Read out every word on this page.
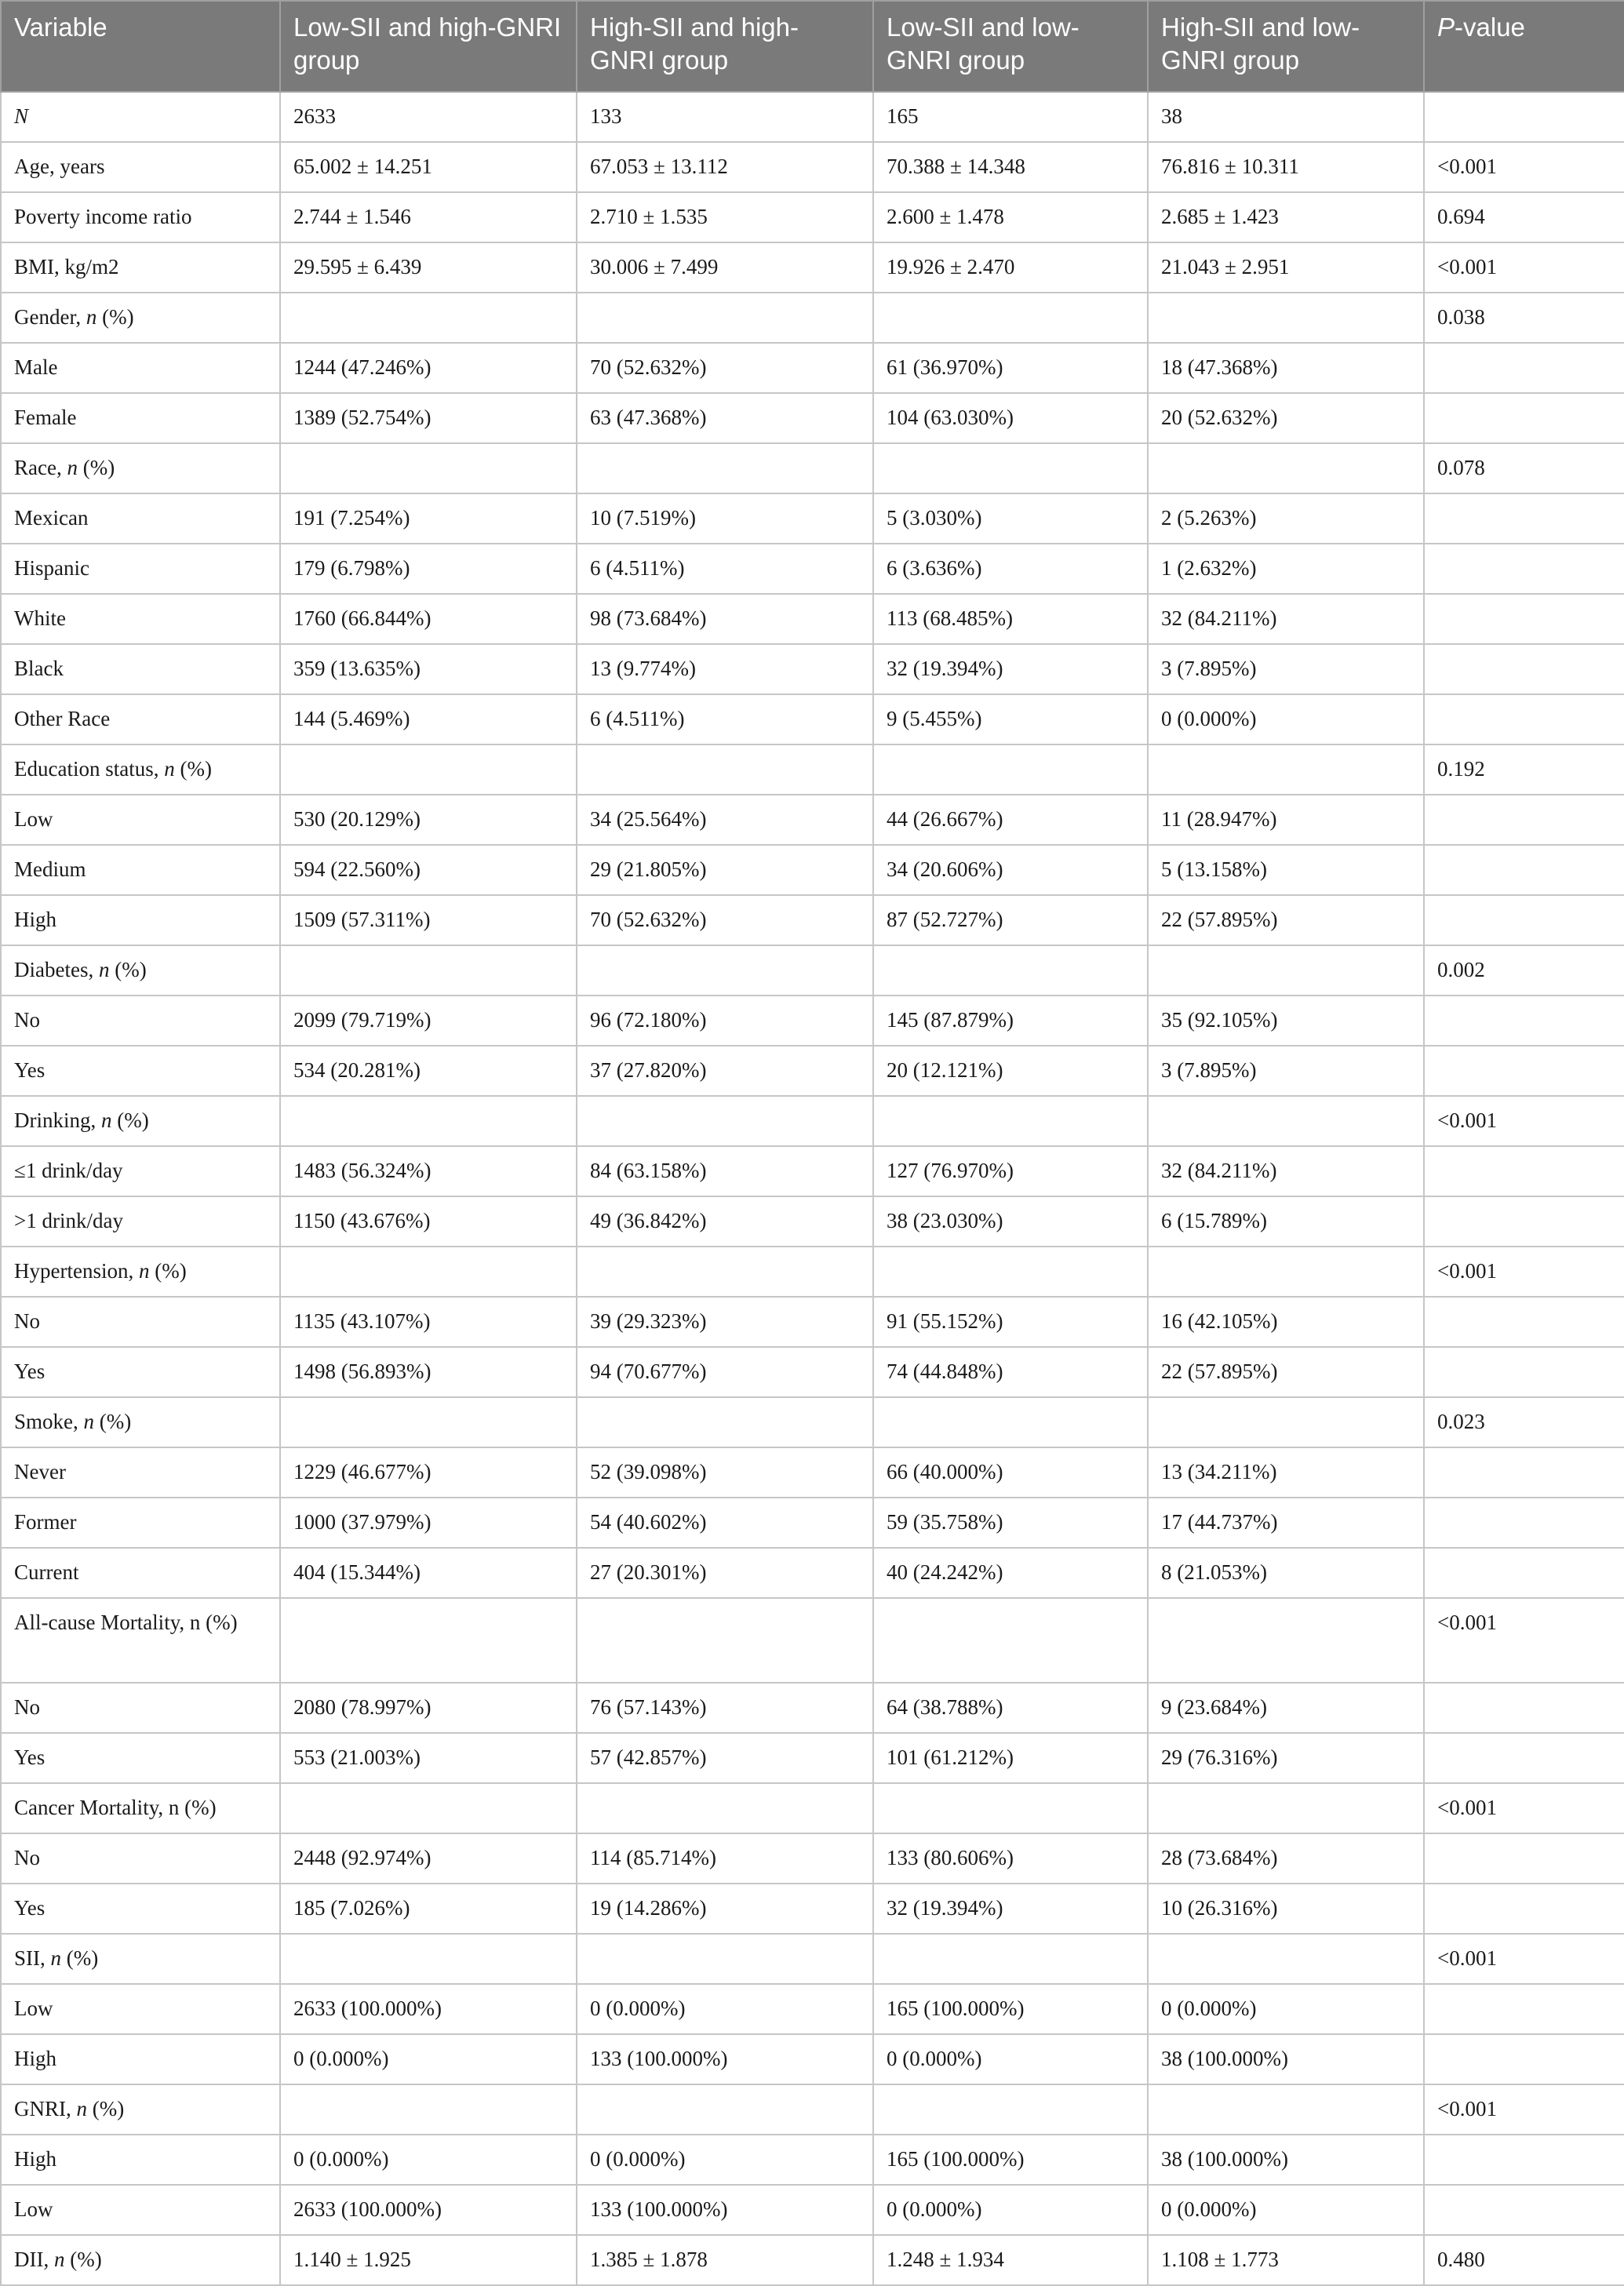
Variable	Low-SII and high-GNRI group	High-SII and high-GNRI group	Low-SII and low-GNRI group	High-SII and low-GNRI group	P-value
N	2633	133	165	38	
Age, years	65.002 ± 14.251	67.053 ± 13.112	70.388 ± 14.348	76.816 ± 10.311	<0.001
Poverty income ratio	2.744 ± 1.546	2.710 ± 1.535	2.600 ± 1.478	2.685 ± 1.423	0.694
BMI, kg/m2	29.595 ± 6.439	30.006 ± 7.499	19.926 ± 2.470	21.043 ± 2.951	<0.001
Gender, n (%)					0.038
Male	1244 (47.246%)	70 (52.632%)	61 (36.970%)	18 (47.368%)	
Female	1389 (52.754%)	63 (47.368%)	104 (63.030%)	20 (52.632%)	
Race, n (%)					0.078
Mexican	191 (7.254%)	10 (7.519%)	5 (3.030%)	2 (5.263%)	
Hispanic	179 (6.798%)	6 (4.511%)	6 (3.636%)	1 (2.632%)	
White	1760 (66.844%)	98 (73.684%)	113 (68.485%)	32 (84.211%)	
Black	359 (13.635%)	13 (9.774%)	32 (19.394%)	3 (7.895%)	
Other Race	144 (5.469%)	6 (4.511%)	9 (5.455%)	0 (0.000%)	
Education status, n (%)					0.192
Low	530 (20.129%)	34 (25.564%)	44 (26.667%)	11 (28.947%)	
Medium	594 (22.560%)	29 (21.805%)	34 (20.606%)	5 (13.158%)	
High	1509 (57.311%)	70 (52.632%)	87 (52.727%)	22 (57.895%)	
Diabetes, n (%)					0.002
No	2099 (79.719%)	96 (72.180%)	145 (87.879%)	35 (92.105%)	
Yes	534 (20.281%)	37 (27.820%)	20 (12.121%)	3 (7.895%)	
Drinking, n (%)					<0.001
≤1 drink/day	1483 (56.324%)	84 (63.158%)	127 (76.970%)	32 (84.211%)	
>1 drink/day	1150 (43.676%)	49 (36.842%)	38 (23.030%)	6 (15.789%)	
Hypertension, n (%)					<0.001
No	1135 (43.107%)	39 (29.323%)	91 (55.152%)	16 (42.105%)	
Yes	1498 (56.893%)	94 (70.677%)	74 (44.848%)	22 (57.895%)	
Smoke, n (%)					0.023
Never	1229 (46.677%)	52 (39.098%)	66 (40.000%)	13 (34.211%)	
Former	1000 (37.979%)	54 (40.602%)	59 (35.758%)	17 (44.737%)	
Current	404 (15.344%)	27 (20.301%)	40 (24.242%)	8 (21.053%)	
All-cause Mortality, n (%)					<0.001
No	2080 (78.997%)	76 (57.143%)	64 (38.788%)	9 (23.684%)	
Yes	553 (21.003%)	57 (42.857%)	101 (61.212%)	29 (76.316%)	
Cancer Mortality, n (%)					<0.001
No	2448 (92.974%)	114 (85.714%)	133 (80.606%)	28 (73.684%)	
Yes	185 (7.026%)	19 (14.286%)	32 (19.394%)	10 (26.316%)	
SII, n (%)					<0.001
Low	2633 (100.000%)	0 (0.000%)	165 (100.000%)	0 (0.000%)	
High	0 (0.000%)	133 (100.000%)	0 (0.000%)	38 (100.000%)	
GNRI, n (%)					<0.001
High	0 (0.000%)	0 (0.000%)	165 (100.000%)	38 (100.000%)	
Low	2633 (100.000%)	133 (100.000%)	0 (0.000%)	0 (0.000%)	
DII, n (%)	1.140 ± 1.925	1.385 ± 1.878	1.248 ± 1.934	1.108 ± 1.773	0.480
